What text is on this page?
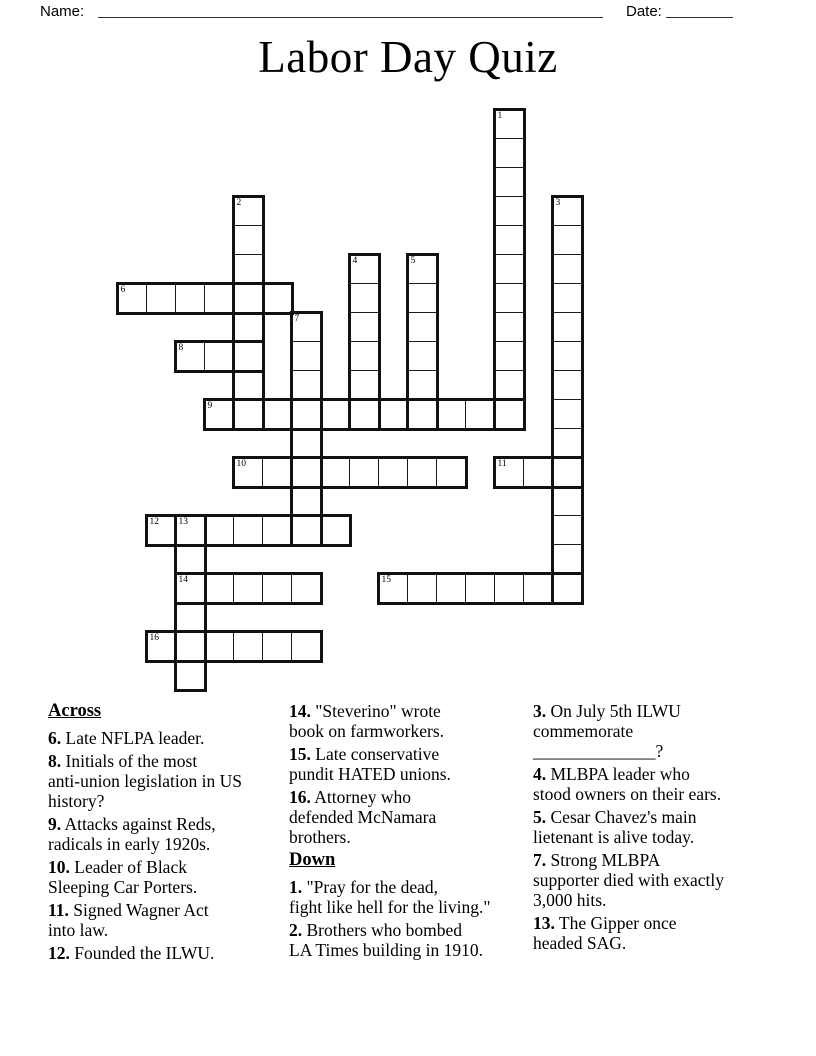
Name:	Date:
Labor Day Quiz
1
2	3
4	5
6
7
8
9
10	11
12 13
14	15
16
Across

6. Late NFLPA leader.

8. Initials of the most
anti-union legislation in US
history?

9. Attacks against Reds,
radicals in early 1920s.

10. Leader of Black
Sleeping Car Porters.

11. Signed Wagner Act
into law.

12. Founded the ILWU.

14. "Steverino" wrote
book on farmworkers.

15. Late conservative
pundit HATED unions.

16. Attorney who
defended McNamara
brothers.

Down

1. "Pray for the dead,
fight like hell for the living."

2. Brothers who bombed
LA Times building in 1910.

3. On July 5th ILWU
commemorate
______________?

4. MLBPA leader who
stood owners on their ears.

5. Cesar Chavez's main
lietenant is alive today.

7. Strong MLBPA
supporter died with exactly
3,000 hits.

13. The Gipper once
headed SAG.
